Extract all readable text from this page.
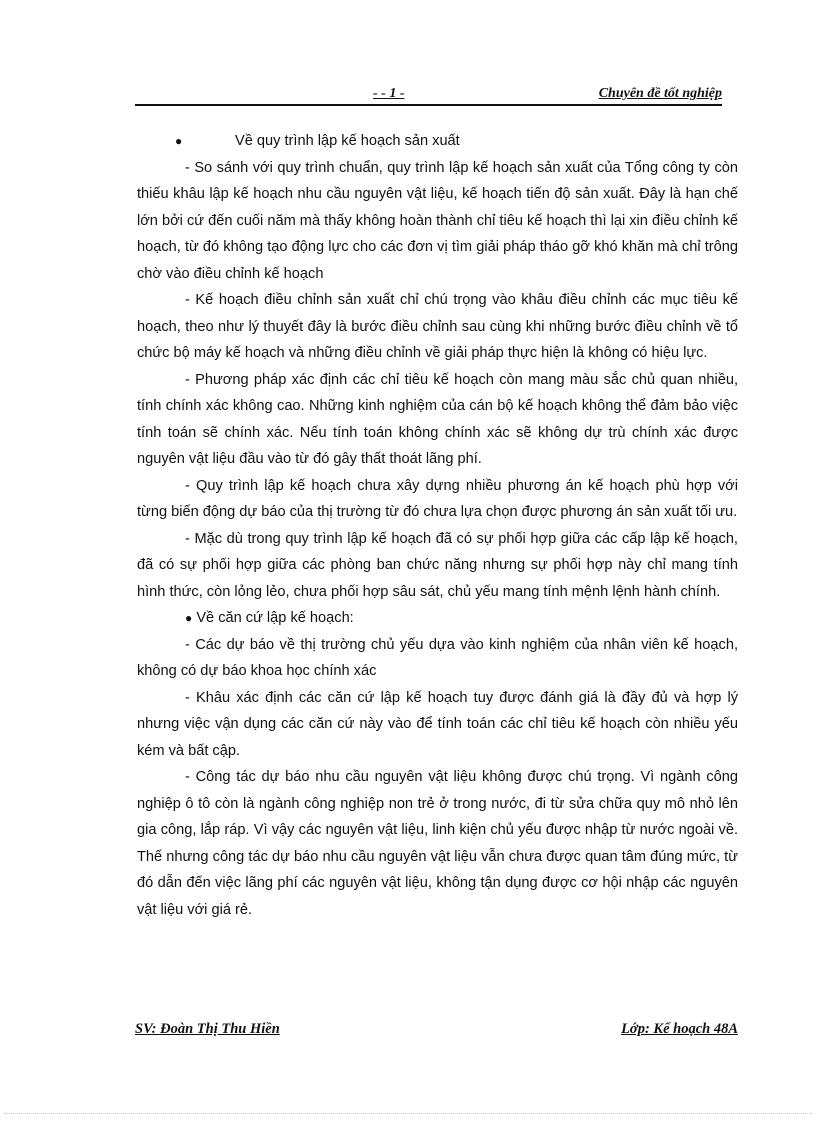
- - 1 -	Chuyên đề tốt nghiệp

●	Về quy trình lập kế hoạch sản xuất

- So sánh với quy trình chuẩn, quy trình lập kế hoạch sản xuất của Tổng công ty còn thiếu khâu lập kế hoạch nhu cầu nguyên vật liệu, kế hoạch tiến độ sản xuất. Đây là hạn chế lớn bởi cứ đến cuối năm mà thấy không hoàn thành chỉ tiêu kế hoạch thì lại xin điều chỉnh kế hoạch, từ đó không tạo động lực cho các đơn vị tìm giải pháp tháo gỡ khó khăn mà chỉ trông chờ vào điều chỉnh kế hoạch

- Kế hoạch điều chỉnh sản xuất chỉ chú trọng vào khâu điều chỉnh các mục tiêu kế hoạch, theo như lý thuyết đây là bước điều chỉnh sau cùng khi những bước điều chỉnh về tổ chức bộ máy kế hoạch và những điều chỉnh về giải pháp thực hiện là không có hiệu lực.

- Phương pháp xác định các chỉ tiêu kế hoạch còn mang màu sắc chủ quan nhiều, tính chính xác không cao. Những kinh nghiệm của cán bộ kế hoạch không thể đảm bảo việc tính toán sẽ chính xác. Nếu tính toán không chính xác sẽ không dự trù chính xác được nguyên vật liệu đầu vào từ đó gây thất thoát lãng phí.

- Quy trình lập kế hoạch chưa xây dựng nhiều phương án kế hoạch phù hợp với từng biến động dự báo của thị trường từ đó chưa lựa chọn được phương án sản xuất tối ưu.

- Mặc dù trong quy trình lập kế hoạch đã có sự phối hợp giữa các cấp lập kế hoạch, đã có sự phối hợp giữa các phòng ban chức năng nhưng sự phối hợp này chỉ mang tính hình thức, còn lỏng lẻo, chưa phối hợp sâu sát, chủ yếu mang tính mệnh lệnh hành chính.

● Về căn cứ lập kế hoạch:

- Các dự báo về thị trường chủ yếu dựa vào kinh nghiệm của nhân viên kế hoạch, không có dự báo khoa học chính xác

- Khâu xác định các căn cứ lập kế hoạch tuy được đánh giá là đầy đủ và hợp lý nhưng việc vận dụng các căn cứ này vào để tính toán các chỉ tiêu kế hoạch còn nhiều yếu kém và bất cập.

- Công tác dự báo nhu cầu nguyên vật liệu không được chú trọng. Vì ngành công nghiệp ô tô còn là ngành công nghiệp non trẻ ở trong nước, đi từ sửa chữa quy mô nhỏ lên gia công, lắp ráp. Vì vậy các nguyên vật liệu, linh kiện chủ yếu được nhập từ nước ngoài về. Thế nhưng công tác dự báo nhu cầu nguyên vật liệu vẫn chưa được quan tâm đúng mức, từ đó dẫn đến việc lãng phí các nguyên vật liệu, không tận dụng được cơ hội nhập các nguyên vật liệu với giá rẻ.

SV: Đoàn Thị Thu Hiền	Lớp: Kế hoạch 48A
